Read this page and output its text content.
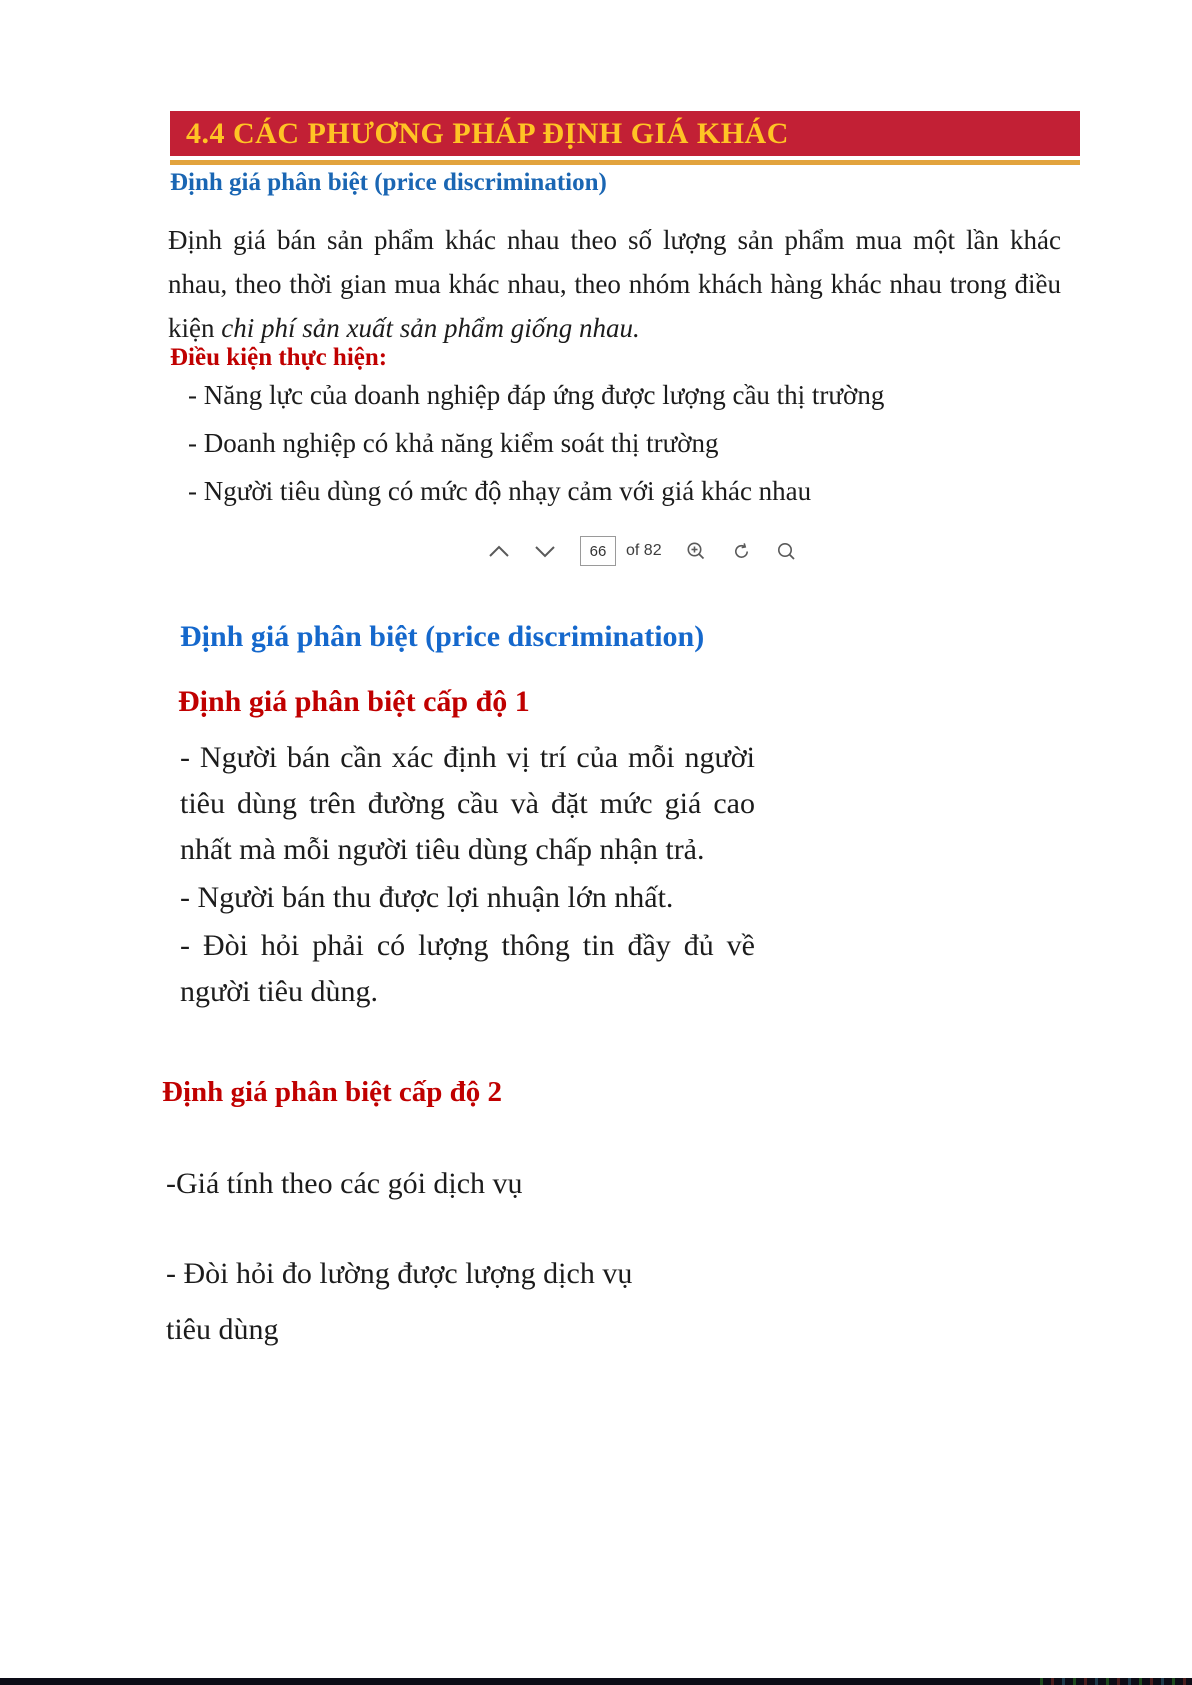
4.4 CÁC PHƯƠNG PHÁP ĐỊNH GIÁ KHÁC
Định giá phân biệt (price discrimination)
Định giá bán sản phẩm khác nhau theo số lượng sản phẩm mua một lần khác nhau, theo thời gian mua khác nhau, theo nhóm khách hàng khác nhau trong điều kiện chi phí sản xuất sản phẩm giống nhau.
Điều kiện thực hiện:

- Năng lực của doanh nghiệp đáp ứng được lượng cầu thị trường

- Doanh nghiệp có khả năng kiểm soát thị trường

- Người tiêu dùng có mức độ nhạy cảm với giá khác nhau

66	of 82
Định giá phân biệt (price discrimination)
Định giá phân biệt cấp độ 1

- Người bán cần xác định vị trí của mỗi người tiêu dùng trên đường cầu và đặt mức giá cao nhất mà mỗi người tiêu dùng chấp nhận trả.

- Người bán thu được lợi nhuận lớn nhất.

- Đòi hỏi phải có lượng thông tin đầy đủ về người tiêu dùng.

Định giá phân biệt cấp độ 2

-Giá tính theo các gói dịch vụ

- Đòi hỏi đo lường được lượng dịch vụ tiêu dùng
